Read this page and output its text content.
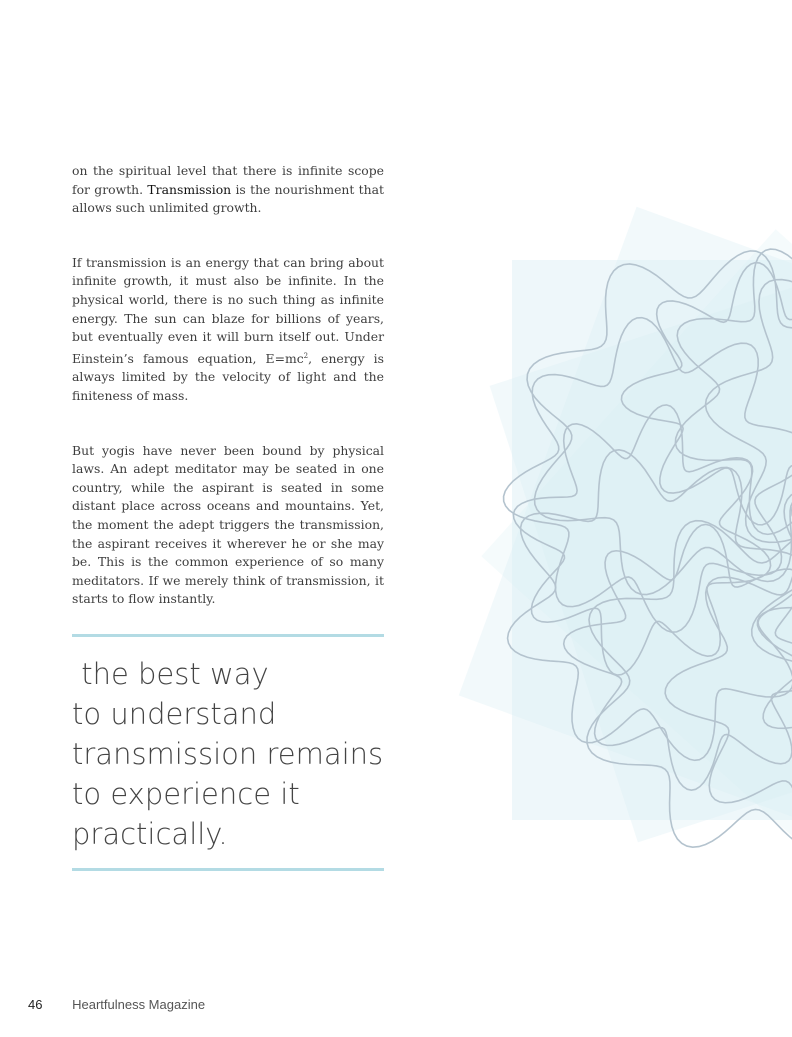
on the spiritual level that there is infinite scope for growth. Transmission is the nourishment that allows such unlimited growth.

If transmission is an energy that can bring about infinite growth, it must also be infinite. In the physical world, there is no such thing as infinite energy. The sun can blaze for billions of years, but eventually even it will burn itself out. Under Einstein’s famous equation, $E=mc^2$, energy is always limited by the velocity of light and the finiteness of mass.

But yogis have never been bound by physical laws. An adept meditator may be seated in one country, while the aspirant is seated in some distant place across oceans and mountains. Yet, the moment the adept triggers the transmission, the aspirant receives it wherever he or she may be. This is the common experience of so many meditators. If we merely think of transmission, it starts to flow instantly.

the best way
to understand
transmission remains
to experience it
practically.
46 Heartfulness Magazine
